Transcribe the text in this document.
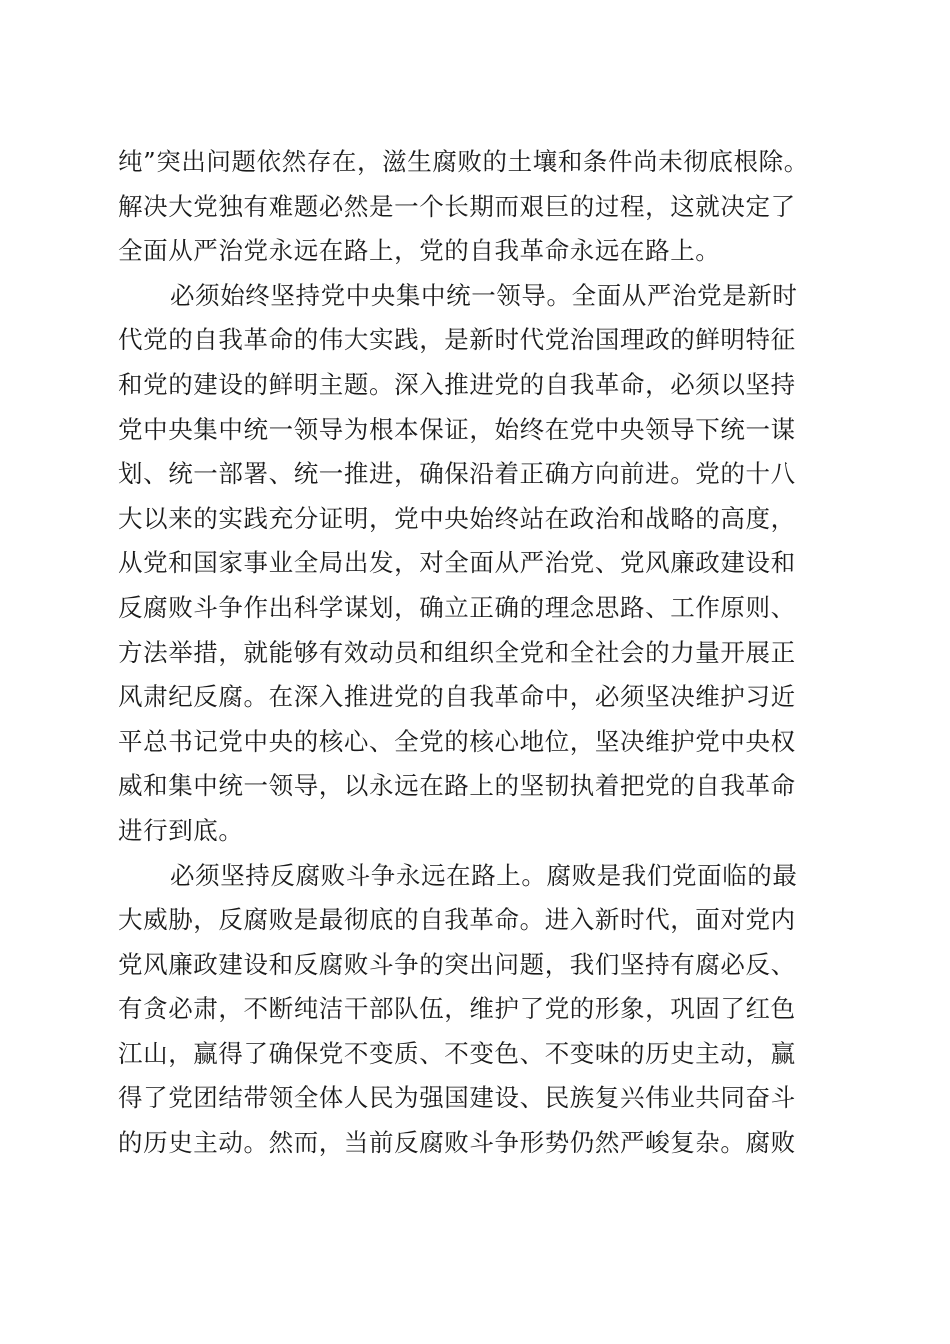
纯”突出问题依然存在，滋生腐败的土壤和条件尚未彻底根除。
解决大党独有难题必然是一个长期而艰巨的过程，这就决定了
全面从严治党永远在路上，党的自我革命永远在路上。
必须始终坚持党中央集中统一领导。全面从严治党是新时
代党的自我革命的伟大实践，是新时代党治国理政的鲜明特征
和党的建设的鲜明主题。深入推进党的自我革命，必须以坚持
党中央集中统一领导为根本保证，始终在党中央领导下统一谋
划、统一部署、统一推进，确保沿着正确方向前进。党的十八
大以来的实践充分证明，党中央始终站在政治和战略的高度，
从党和国家事业全局出发，对全面从严治党、党风廉政建设和
反腐败斗争作出科学谋划，确立正确的理念思路、工作原则、
方法举措，就能够有效动员和组织全党和全社会的力量开展正
风肃纪反腐。在深入推进党的自我革命中，必须坚决维护习近
平总书记党中央的核心、全党的核心地位，坚决维护党中央权
威和集中统一领导，以永远在路上的坚韧执着把党的自我革命
进行到底。
必须坚持反腐败斗争永远在路上。腐败是我们党面临的最
大威胁，反腐败是最彻底的自我革命。进入新时代，面对党内
党风廉政建设和反腐败斗争的突出问题，我们坚持有腐必反、
有贪必肃，不断纯洁干部队伍，维护了党的形象，巩固了红色
江山，赢得了确保党不变质、不变色、不变味的历史主动，赢
得了党团结带领全体人民为强国建设、民族复兴伟业共同奋斗
的历史主动。然而，当前反腐败斗争形势仍然严峻复杂。腐败
